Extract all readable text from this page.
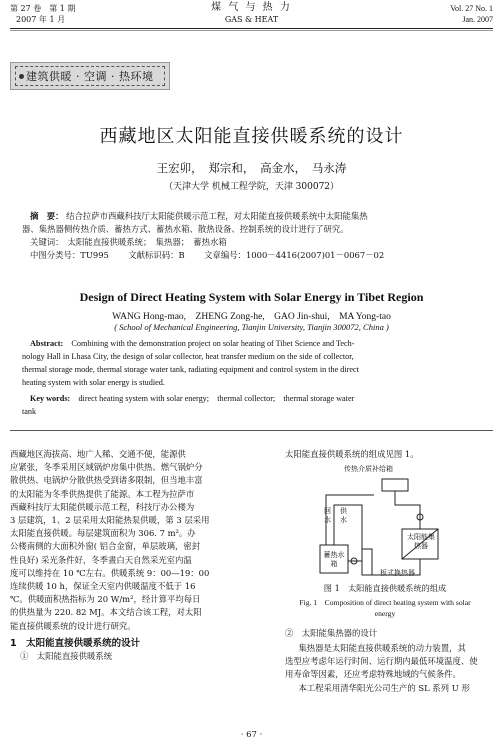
第 27 卷　第 1 期
2007 年 1 月
煤 气 与 热 力
GAS & HEAT
Vol. 27 No. 1
Jan. 2007
建筑供暖 · 空调 · 热环境
西藏地区太阳能直接供暖系统的设计
王宏卯，　郑宗和，　高金水，　马永涛
（天津大学 机械工程学院，天津 300072）
摘　要： 结合拉萨市西藏科技厅太阳能供暖示范工程，对太阳能直接供暖系统中太阳能集热
器、集热器侧传热介质、蓄热方式、蓄热水箱、散热设备、控制系统的设计进行了研究。
关键词：　太阳能直接供暖系统；　集热器；　蓄热水箱
中图分类号：TU995　　 文献标识码：B　　 文章编号：1000－4416(2007)01－0067－02
Design of Direct Heating System with Solar Energy in Tibet Region
WANG Hong-mao,　ZHENG Zong-he,　GAO Jin-shui,　MA Yong-tao
( School of Mechanical Engineering, Tianjin University, Tianjin 300072, China )
Abstract:　 Combining with the demonstration project on solar heating of Tibet Science and Tech-
nology Hall in Lhasa City, the design of solar collector, heat transfer medium on the side of collector,
thermal storage mode, thermal storage water tank, radiating equipment and control system in the direct
heating system with solar energy is studied.
Key words:　 direct heating system with solar energy;　thermal collector;　thermal storage water
tank
西藏地区海拔高、地广人稀、交通不便，能源供
应紧张，冬季采用区域锅炉房集中供热、燃气锅炉分
散供热、电锅炉分散供热受到诸多限制，但当地丰富
的太阳能为冬季供热提供了能源。本工程为拉萨市
西藏科技厅太阳能供暖示范工程，科技厅办公楼为
3 层建筑，1、2 层采用太阳能热泵供暖，第 3 层采用
太阳能直接供暖。每层建筑面积为 306. 7 m²。办
公楼南侧的大面积外窗( 铝合金窗，单层玻璃，密封
性良好) 采光条件好，冬季晝白天自然采光室内温
度可以维持在 10 ℃左右。供暖系统 9：00—19：00
连续供暖 10 h，保证全天室内供暖温度不低于 16
℃。供暖面积热指标为 20 W/m²，经计算平均每日
的供热量为 220. 82 MJ。本文结合该工程，对太阳
能直接供暖系统的设计进行研究。
1　太阳能直接供暖系统的设计
①　太阳能直接供暖系统
太阳能直接供暖系统的组成见图 1。
传热介质补给箱
回水
供水
太阳能集热器
蓄热水箱
板式换热器
图 1　太阳能直接供暖系统的组成
Fig. 1　Composition of direct heating system with solar
energy
②　太阳能集热器的设计
集热器是太阳能直接供暖系统的动力装置，其
选型应考虑年运行时间、运行期内最低环境温度、使
用寿命等因素，还应考虑特殊地域的气候条件。
本工程采用清华阳光公司生产的 SL 系列 U 形
· 67 ·
